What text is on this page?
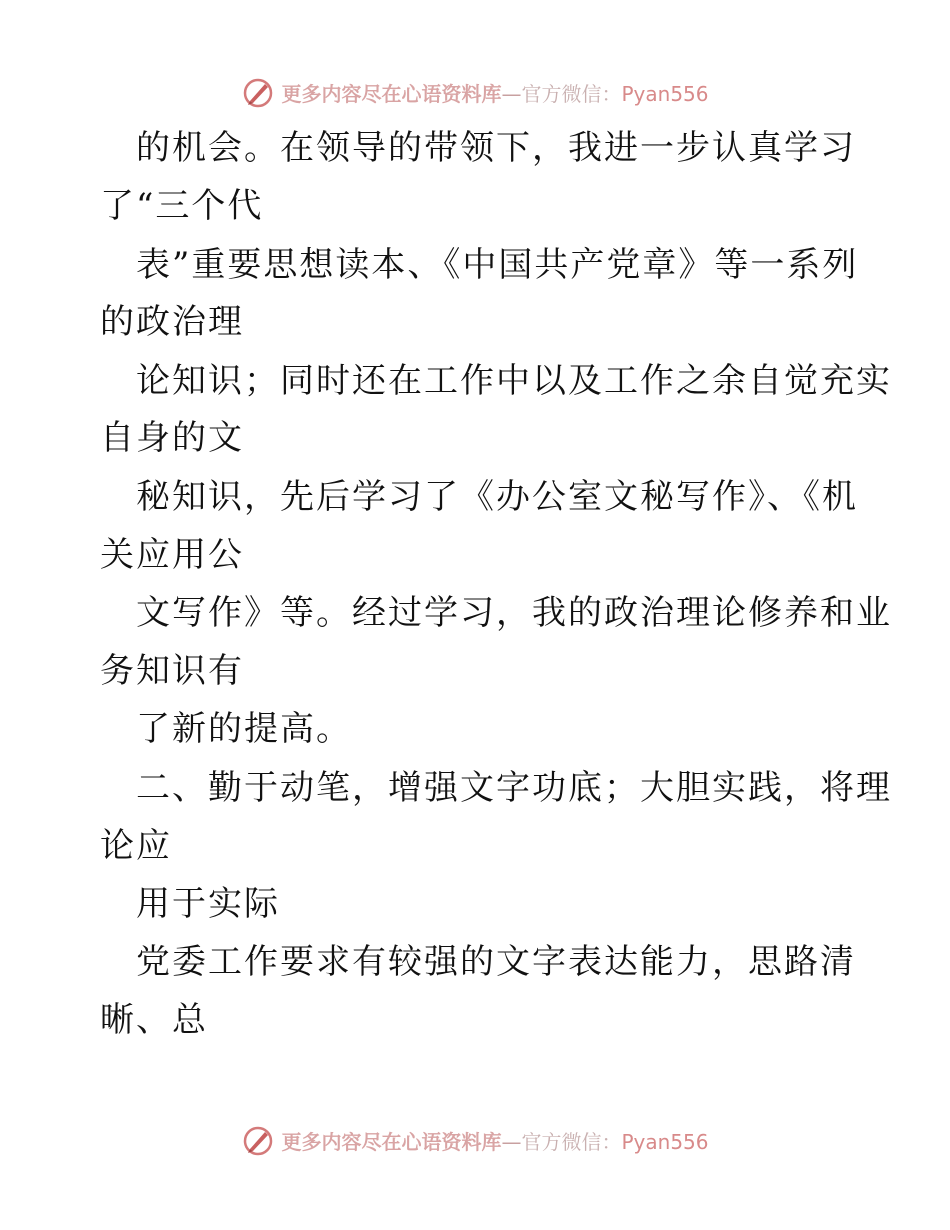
更多内容尽在心语资料库—官方微信：Pyan556
的机会。在领导的带领下，我进一步认真学习
了“三个代
表”重要思想读本、《中国共产党章》等一系列
的政治理
论知识；同时还在工作中以及工作之余自觉充实
自身的文
秘知识，先后学习了《办公室文秘写作》、《机
关应用公
文写作》等。经过学习，我的政治理论修养和业
务知识有
了新的提高。
二、勤于动笔，增强文字功底；大胆实践，将理
论应
用于实际
党委工作要求有较强的文字表达能力，思路清
晰、总
更多内容尽在心语资料库—官方微信：Pyan556
